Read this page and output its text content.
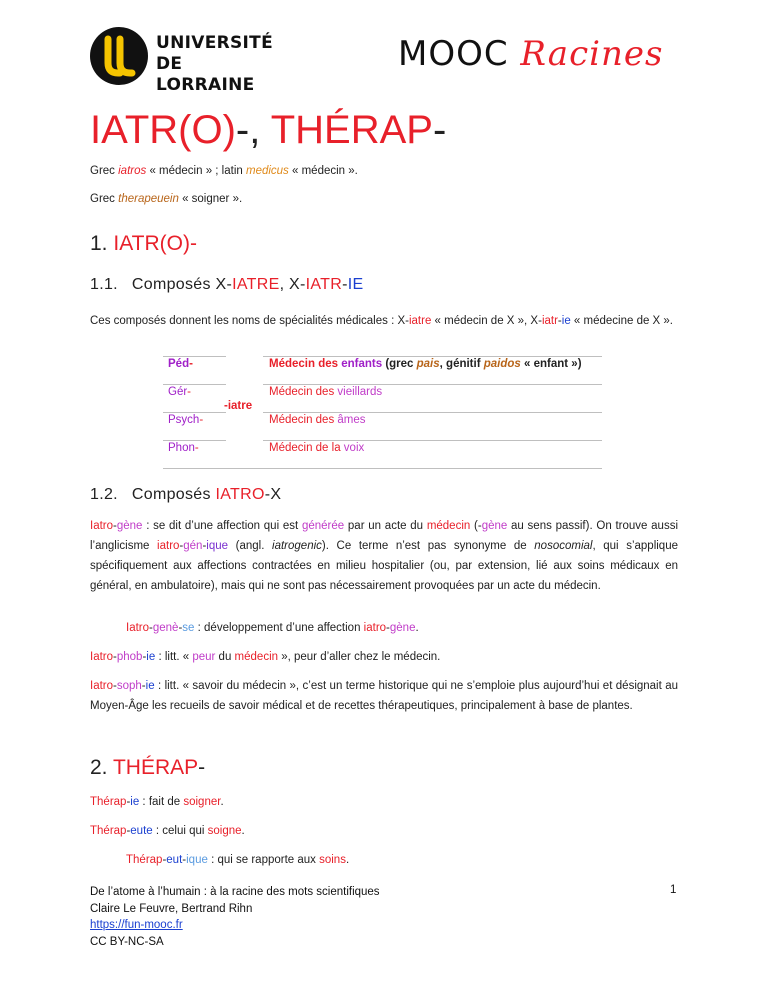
UNIVERSITÉ
DE LORRAINE
MOOC Racines
IATR(O)-, THÉRAP-
Grec iatros « médecin » ; latin medicus « médecin ».
Grec therapeuein « soigner ».
1. IATR(O)-
1.1. Composés X-IATRE, X-IATR-IE
Ces composés donnent les noms de spécialités médicales : X-iatre « médecin de X », X-iatr-ie « médecine de X ».
Péd-	Médecin des enfants (grec pais, génitif paidos « enfant »)
Gér-	Médecin des vieillards
Psych-	Médecin des âmes
Phon-	Médecin de la voix
-iatre
1.2. Composés IATRO-X
Iatro-gène : se dit d’une affection qui est générée par un acte du médecin (-gène au sens passif). On trouve aussi l’anglicisme iatro-gén-ique (angl. iatrogenic). Ce terme n’est pas synonyme de nosocomial, qui s’applique spécifiquement aux affections contractées en milieu hospitalier (ou, par extension, lié aux soins médicaux en général, en ambulatoire), mais qui ne sont pas nécessairement provoquées par un acte du médecin.
Iatro-genè-se : développement d’une affection iatro-gène.
Iatro-phob-ie : litt. « peur du médecin », peur d’aller chez le médecin.
Iatro-soph-ie : litt. « savoir du médecin », c’est un terme historique qui ne s’emploie plus aujourd’hui et désignait au Moyen-Âge les recueils de savoir médical et de recettes thérapeutiques, principalement à base de plantes.
2. THÉRAP-
Thérap-ie : fait de soigner.
Thérap-eute : celui qui soigne.
Thérap-eut-ique : qui se rapporte aux soins.
De l’atome à l’humain : à la racine des mots scientifiques
Claire Le Feuvre, Bertrand Rihn
https://fun-mooc.fr
CC BY-NC-SA
1
